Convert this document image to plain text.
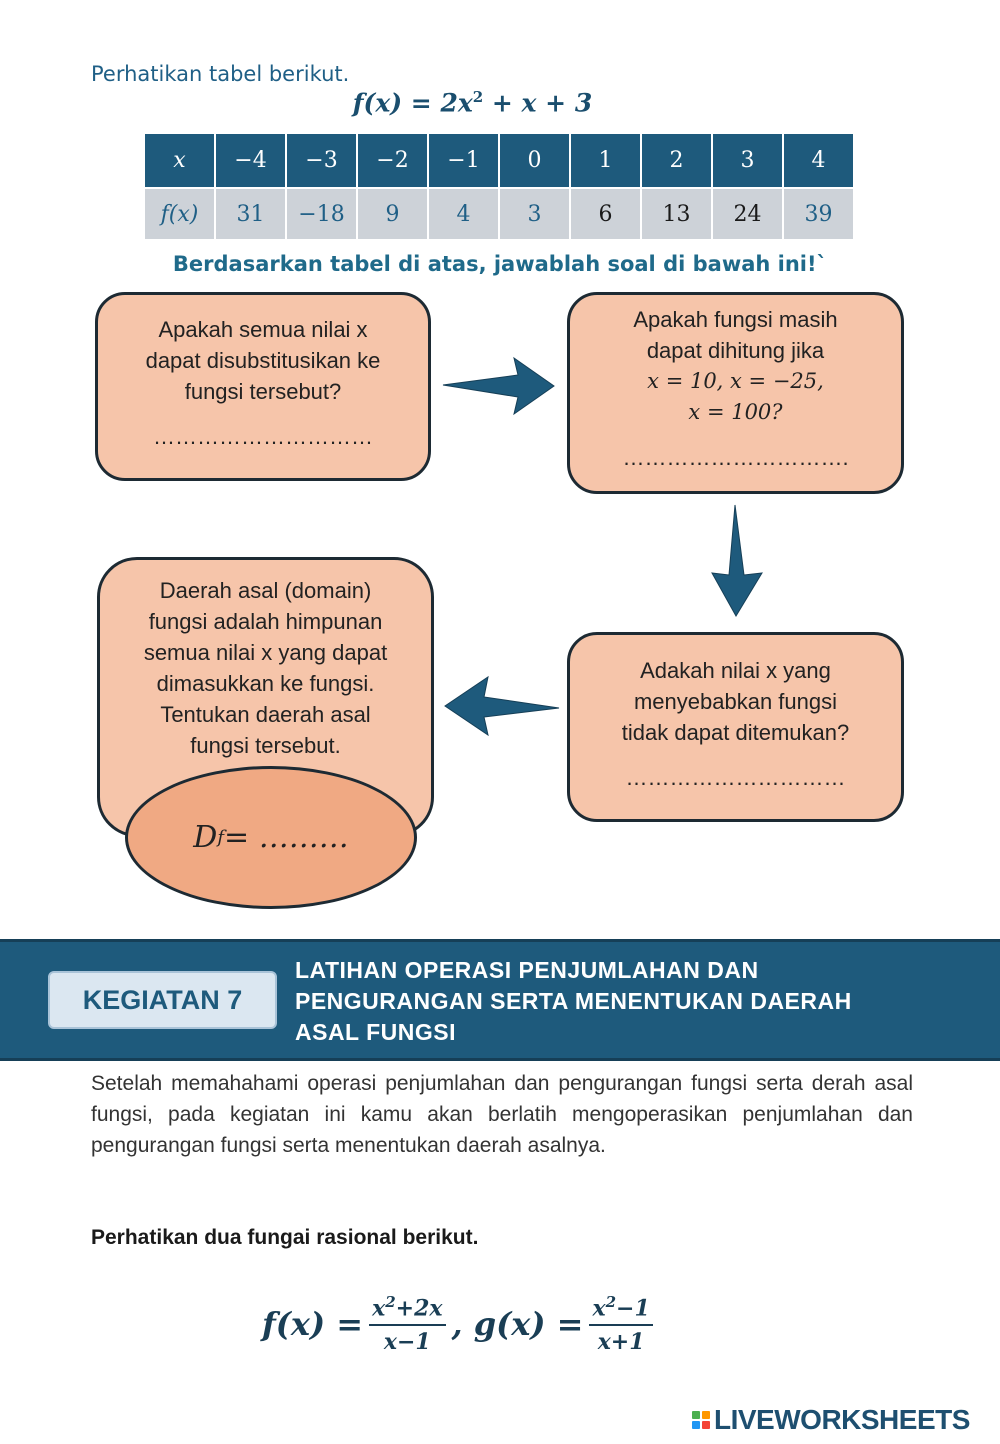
Perhatikan tabel berikut.
$f(x) = 2x^2 + x + 3$
x	−4	−3	−2	−1	0	1	2	3	4
f(x)	31	−18	9	4	3	6	13	24	39
Berdasarkan tabel di atas, jawablah soal di bawah ini!`
Apakah semua nilai x
dapat disubstitusikan ke
fungsi tersebut?
…………………………
Apakah fungsi masih
dapat dihitung jika
x = 10, x = −25,
x = 100?
………………………….
Adakah nilai x yang
menyebabkan fungsi
tidak dapat ditemukan?
…………………………
Daerah asal (domain)
fungsi adalah himpunan
semua nilai x yang dapat
dimasukkan ke fungsi.
Tentukan daerah asal
fungsi tersebut.
D f = ………
KEGIATAN 7
LATIHAN OPERASI PENJUMLAHAN DAN
PENGURANGAN SERTA MENENTUKAN DAERAH
ASAL FUNGSI
Setelah memahahami operasi penjumlahan dan pengurangan fungsi serta derah asal fungsi, pada kegiatan ini kamu akan berlatih mengoperasikan penjumlahan dan pengurangan fungsi serta menentukan daerah asalnya.
Perhatikan dua fungai rasional berikut.
$f(x) = \frac{x^2+2x}{x-1}$ , $g(x) = \frac{x^2-1}{x+1}$
LIVEWORKSHEETS
